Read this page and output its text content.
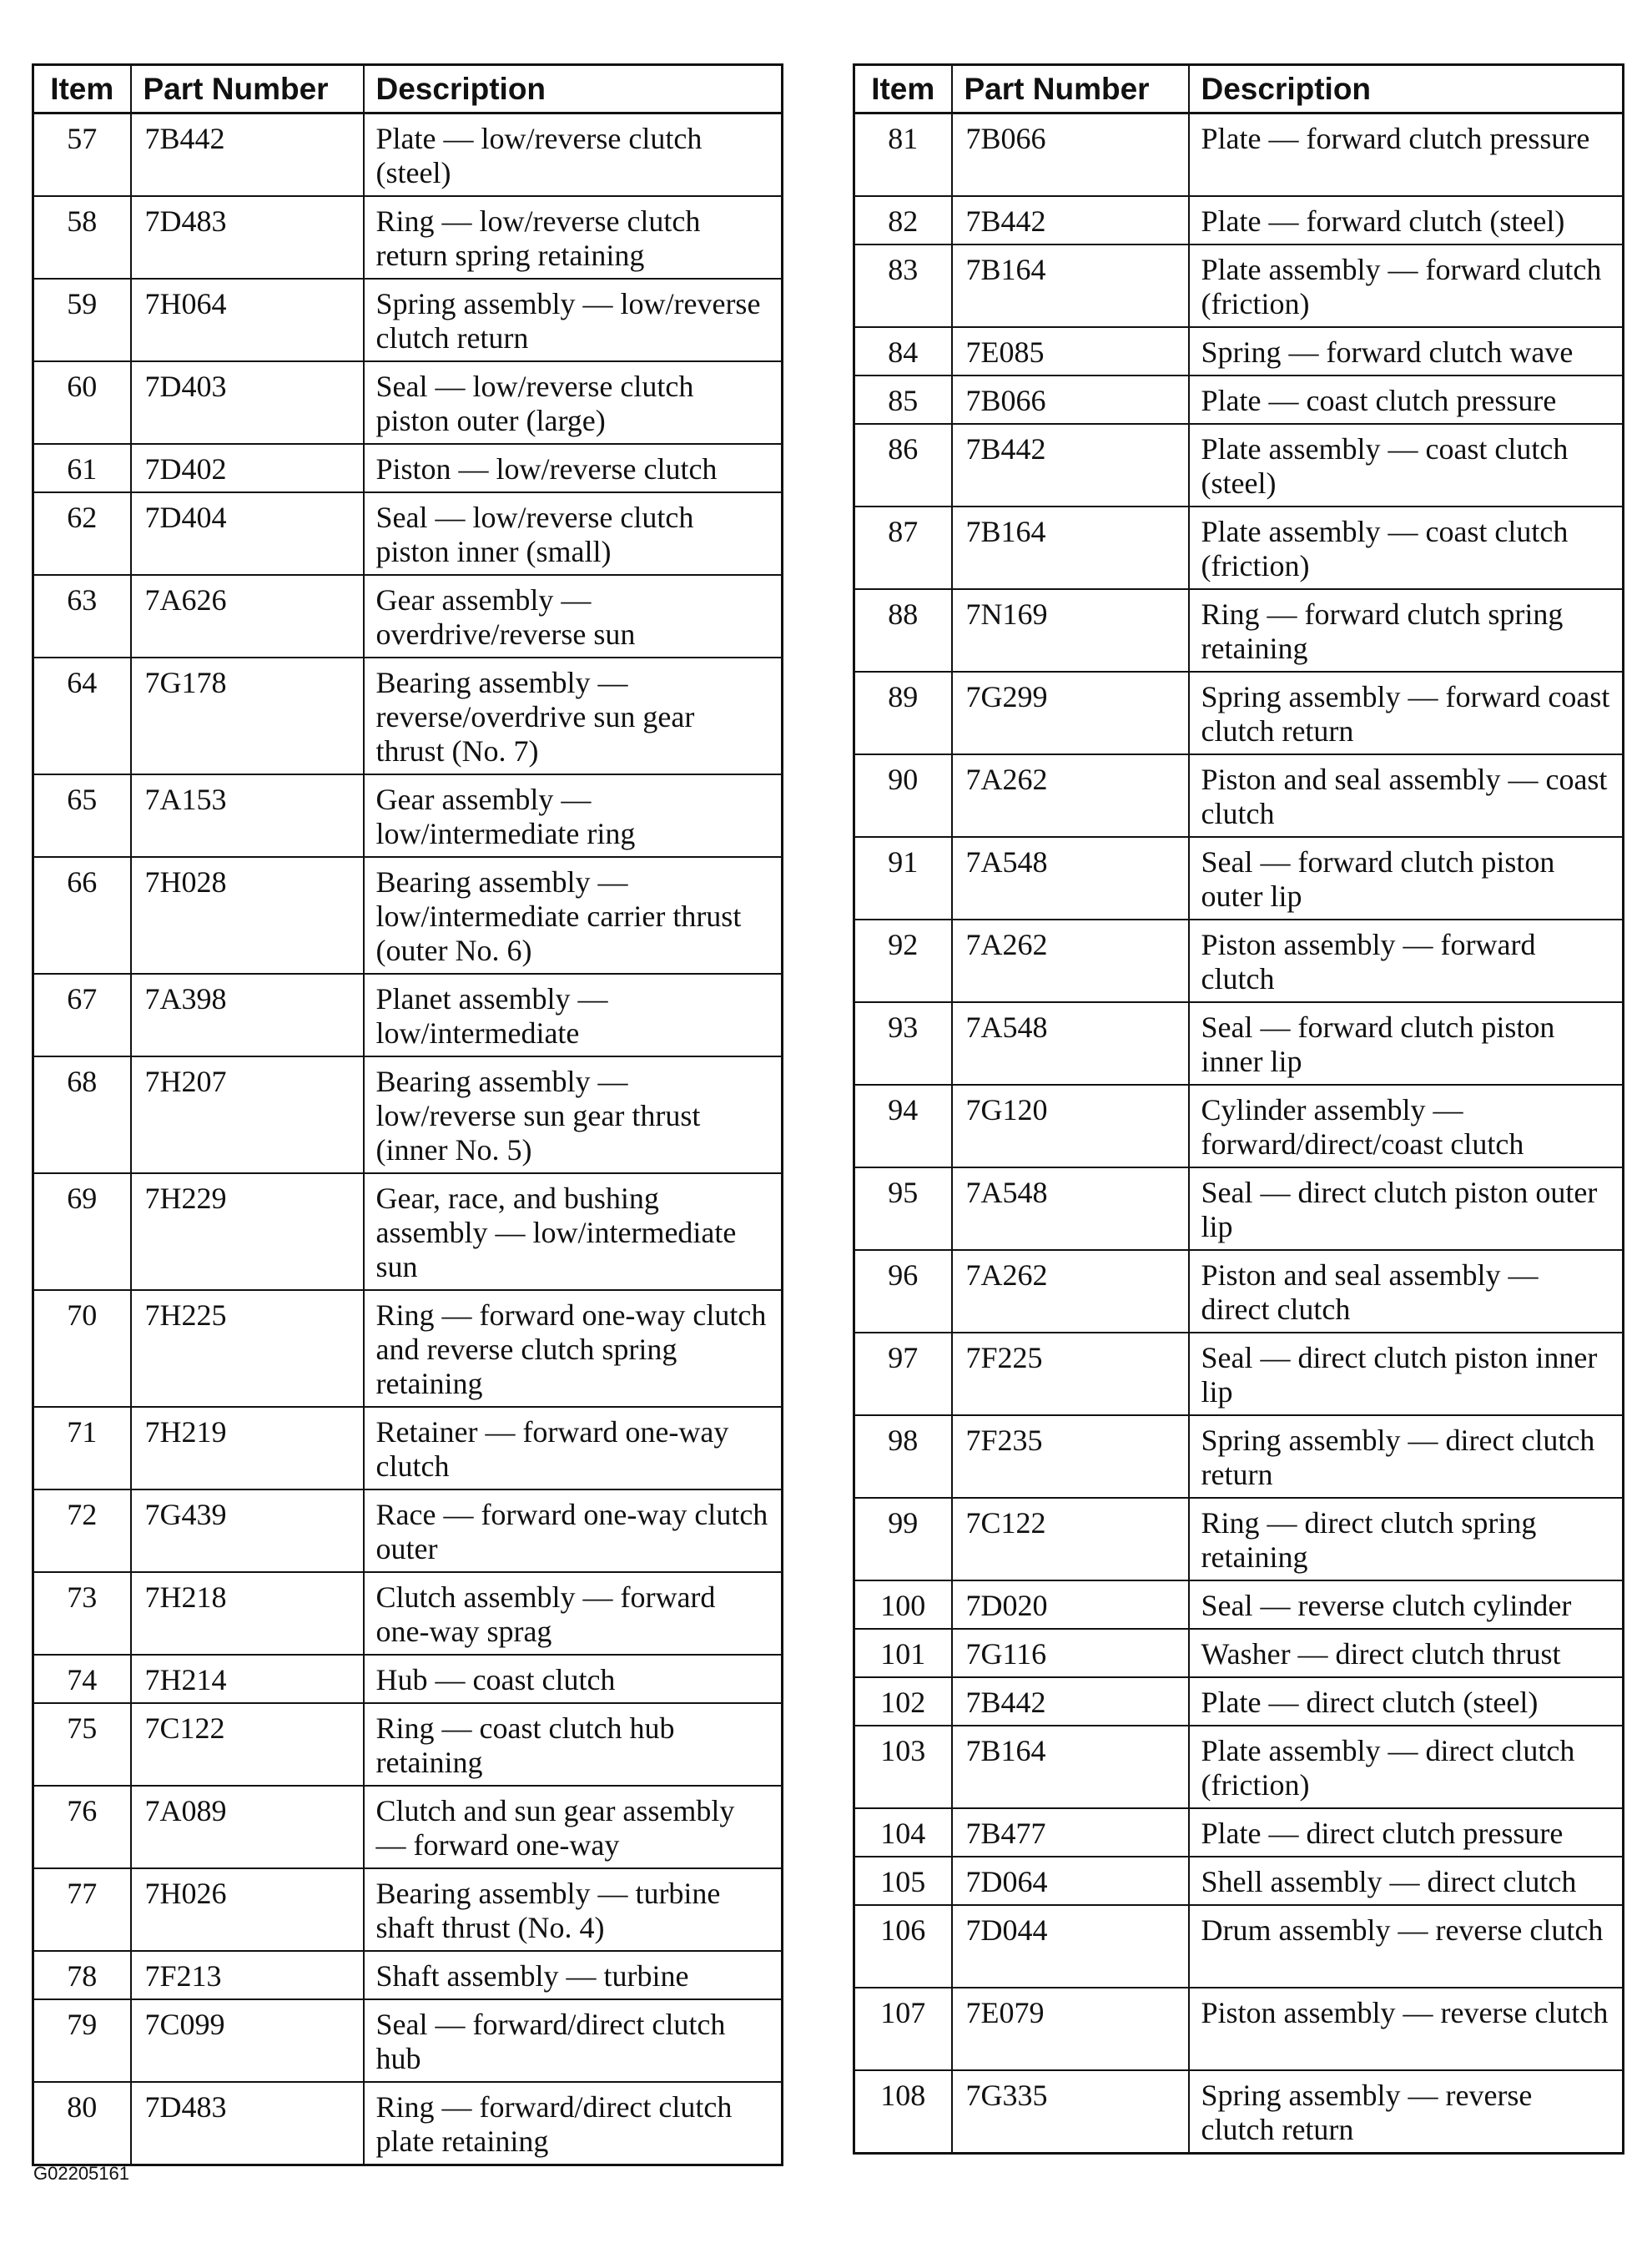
Item	Part Number	Description
57	7B442	Plate — low/reverse clutch (steel)
58	7D483	Ring — low/reverse clutch return spring retaining
59	7H064	Spring assembly — low/reverse clutch return
60	7D403	Seal — low/reverse clutch piston outer (large)
61	7D402	Piston — low/reverse clutch
62	7D404	Seal — low/reverse clutch piston inner (small)
63	7A626	Gear assembly — overdrive/reverse sun
64	7G178	Bearing assembly — reverse/overdrive sun gear thrust (No. 7)
65	7A153	Gear assembly — low/intermediate ring
66	7H028	Bearing assembly — low/intermediate carrier thrust (outer No. 6)
67	7A398	Planet assembly — low/intermediate
68	7H207	Bearing assembly — low/reverse sun gear thrust (inner No. 5)
69	7H229	Gear, race, and bushing assembly — low/intermediate sun
70	7H225	Ring — forward one-way clutch and reverse clutch spring retaining
71	7H219	Retainer — forward one-way clutch
72	7G439	Race — forward one-way clutch outer
73	7H218	Clutch assembly — forward one-way sprag
74	7H214	Hub — coast clutch
75	7C122	Ring — coast clutch hub retaining
76	7A089	Clutch and sun gear assembly — forward one-way
77	7H026	Bearing assembly — turbine shaft thrust (No. 4)
78	7F213	Shaft assembly — turbine
79	7C099	Seal — forward/direct clutch hub
80	7D483	Ring — forward/direct clutch plate retaining
Item	Part Number	Description
81	7B066	Plate — forward clutch pressure
82	7B442	Plate — forward clutch (steel)
83	7B164	Plate assembly — forward clutch (friction)
84	7E085	Spring — forward clutch wave
85	7B066	Plate — coast clutch pressure
86	7B442	Plate assembly — coast clutch (steel)
87	7B164	Plate assembly — coast clutch (friction)
88	7N169	Ring — forward clutch spring retaining
89	7G299	Spring assembly — forward coast clutch return
90	7A262	Piston and seal assembly — coast clutch
91	7A548	Seal — forward clutch piston outer lip
92	7A262	Piston assembly — forward clutch
93	7A548	Seal — forward clutch piston inner lip
94	7G120	Cylinder assembly — forward/direct/coast clutch
95	7A548	Seal — direct clutch piston outer lip
96	7A262	Piston and seal assembly — direct clutch
97	7F225	Seal — direct clutch piston inner lip
98	7F235	Spring assembly — direct clutch return
99	7C122	Ring — direct clutch spring retaining
100	7D020	Seal — reverse clutch cylinder
101	7G116	Washer — direct clutch thrust
102	7B442	Plate — direct clutch (steel)
103	7B164	Plate assembly — direct clutch (friction)
104	7B477	Plate — direct clutch pressure
105	7D064	Shell assembly — direct clutch
106	7D044	Drum assembly — reverse clutch
107	7E079	Piston assembly — reverse clutch
108	7G335	Spring assembly — reverse clutch return
G02205161
